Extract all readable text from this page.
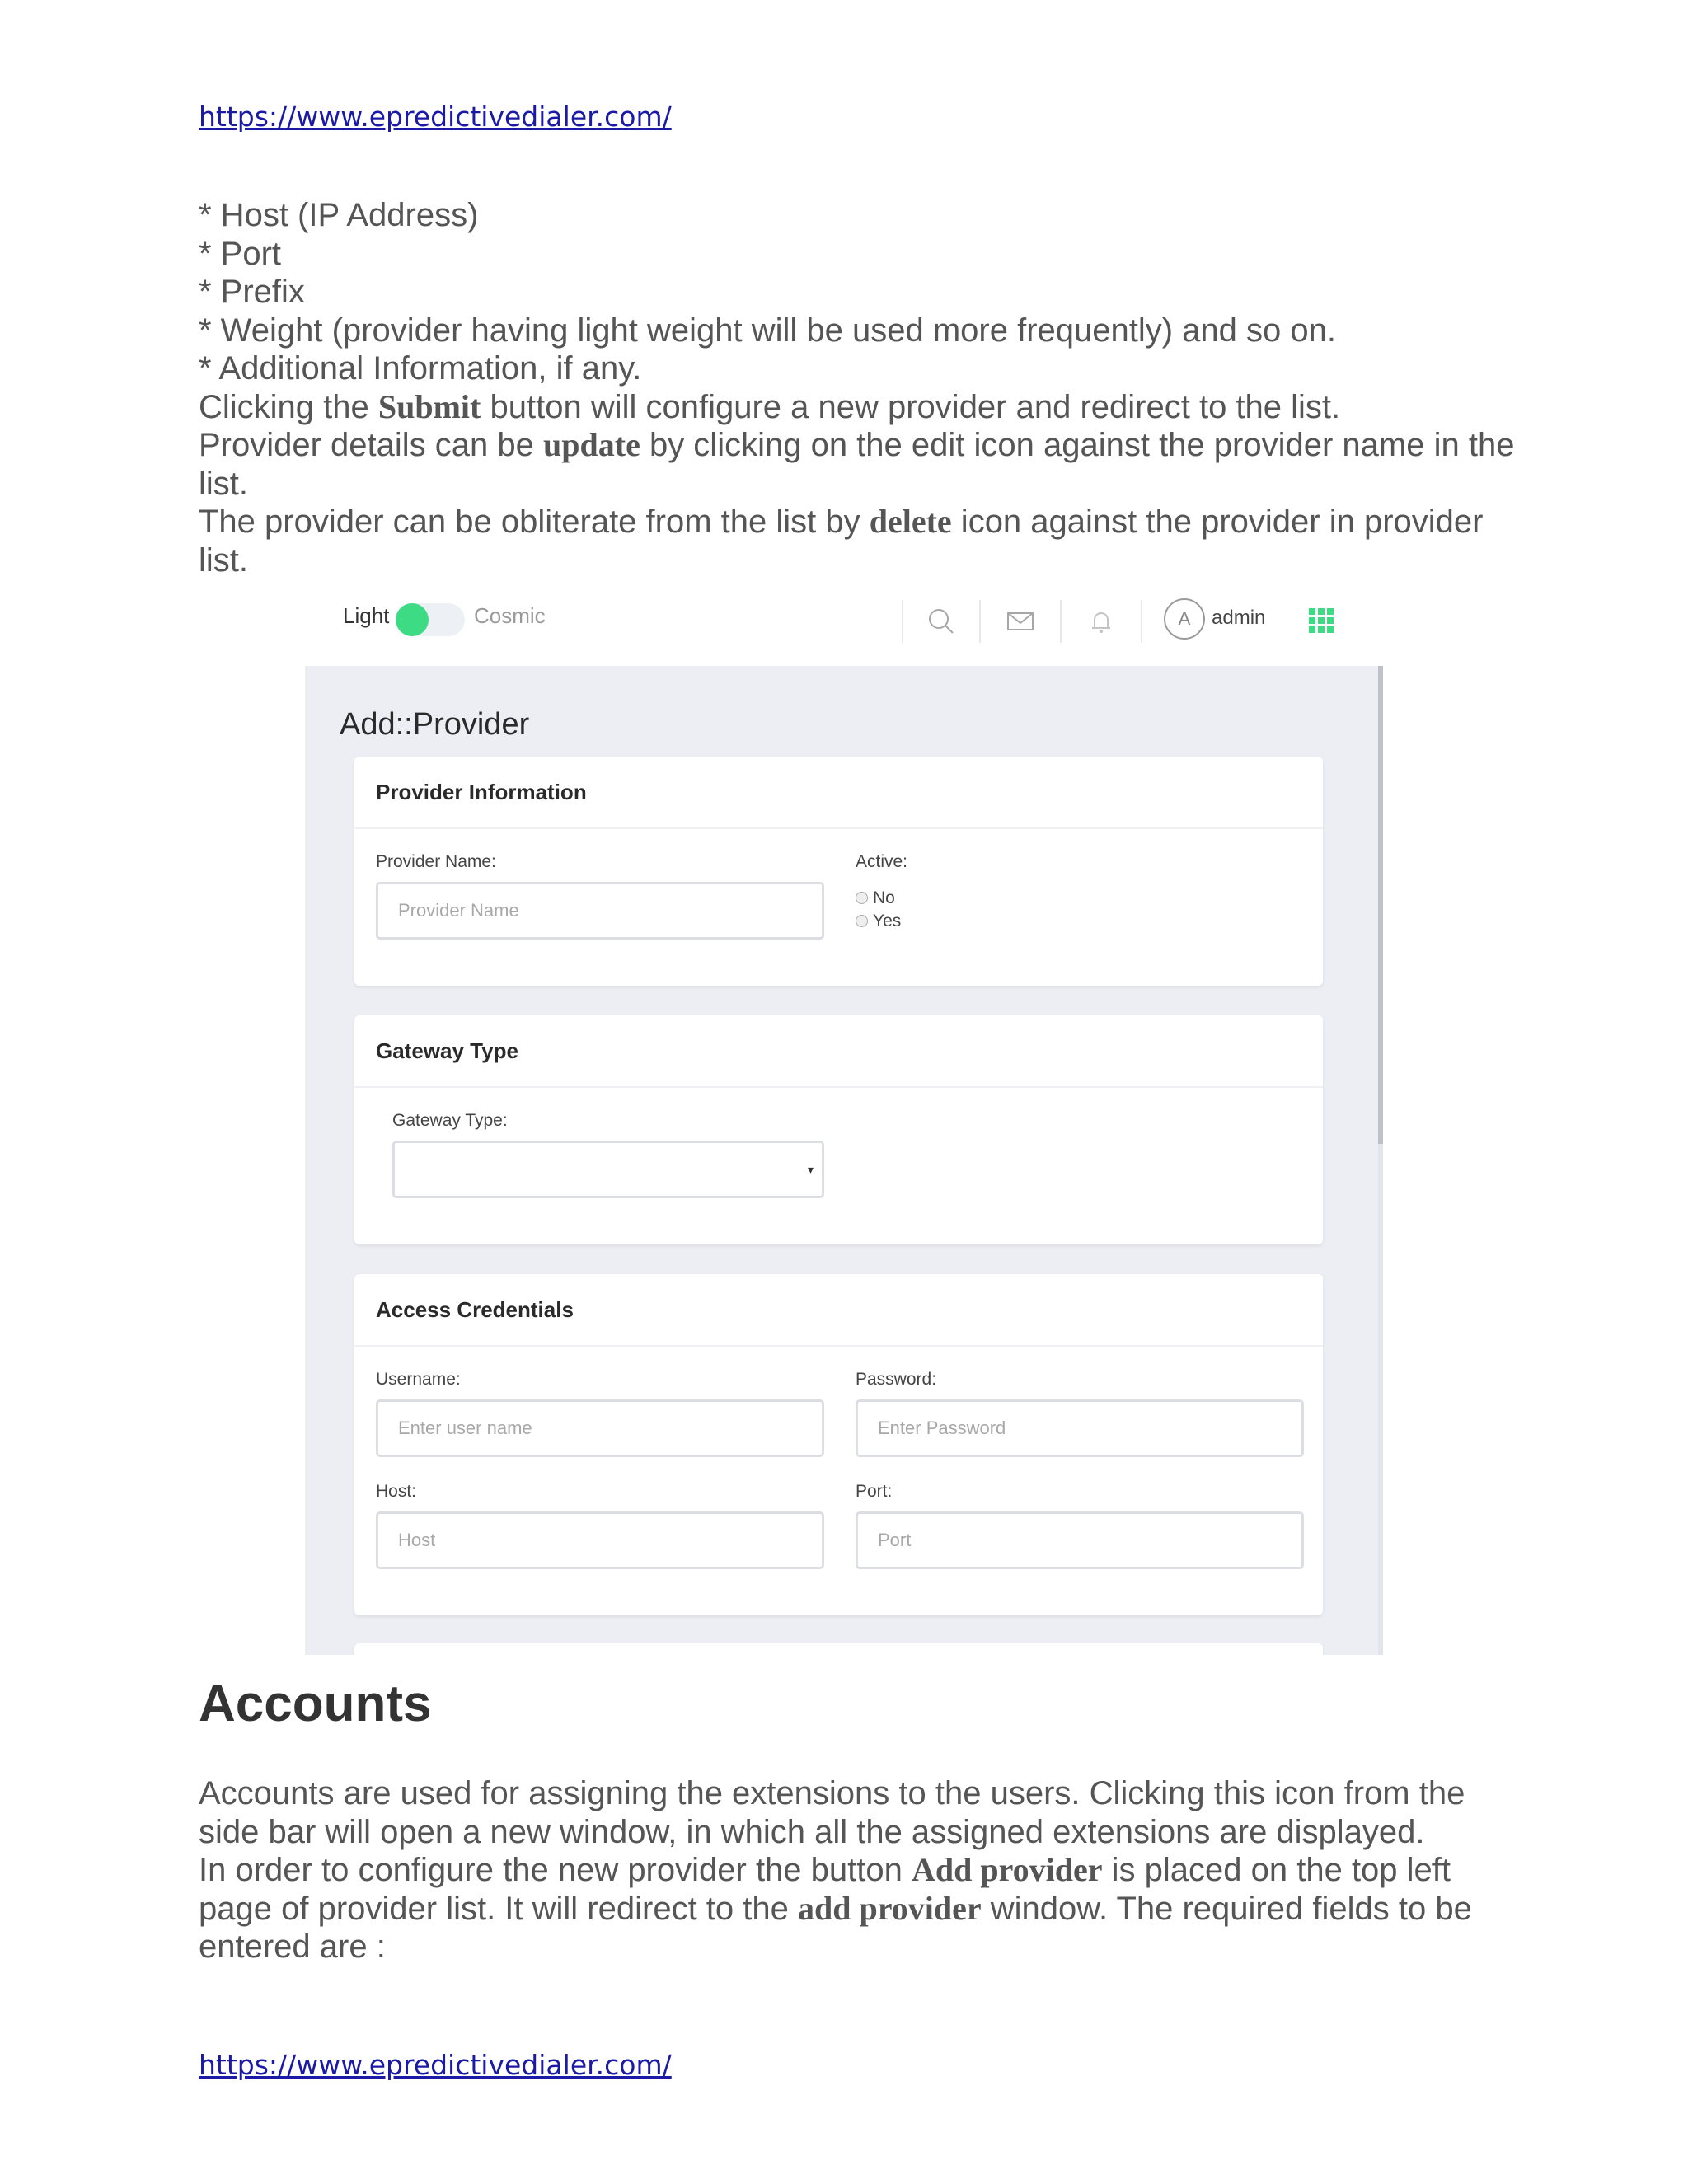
https://www.epredictivedialer.com/

* Host (IP Address)

* Port

* Prefix

* Weight (provider having light weight will be used more frequently) and so on.

* Additional Information, if any.

Clicking the Submit button will configure a new provider and redirect to the list.

Provider details can be update by clicking on the edit icon against the provider name in the list.

The provider can be obliterate from the list by delete icon against the provider in provider list.

Light	Cosmic	A	admin
Add::Provider
Provider Information
Provider Name:
Provider Name
Active:
No
Yes
Gateway Type
Gateway Type:
▾
Access Credentials
Username:
Enter user name
Password:
Enter Password
Host:
Host
Port:
Port
Accounts

Accounts are used for assigning the extensions to the users. Clicking this icon from the side bar will open a new window, in which all the assigned extensions are displayed.

In order to configure the new provider the button Add provider is placed on the top left page of provider list. It will redirect to the add provider window. The required fields to be entered are :

https://www.epredictivedialer.com/
